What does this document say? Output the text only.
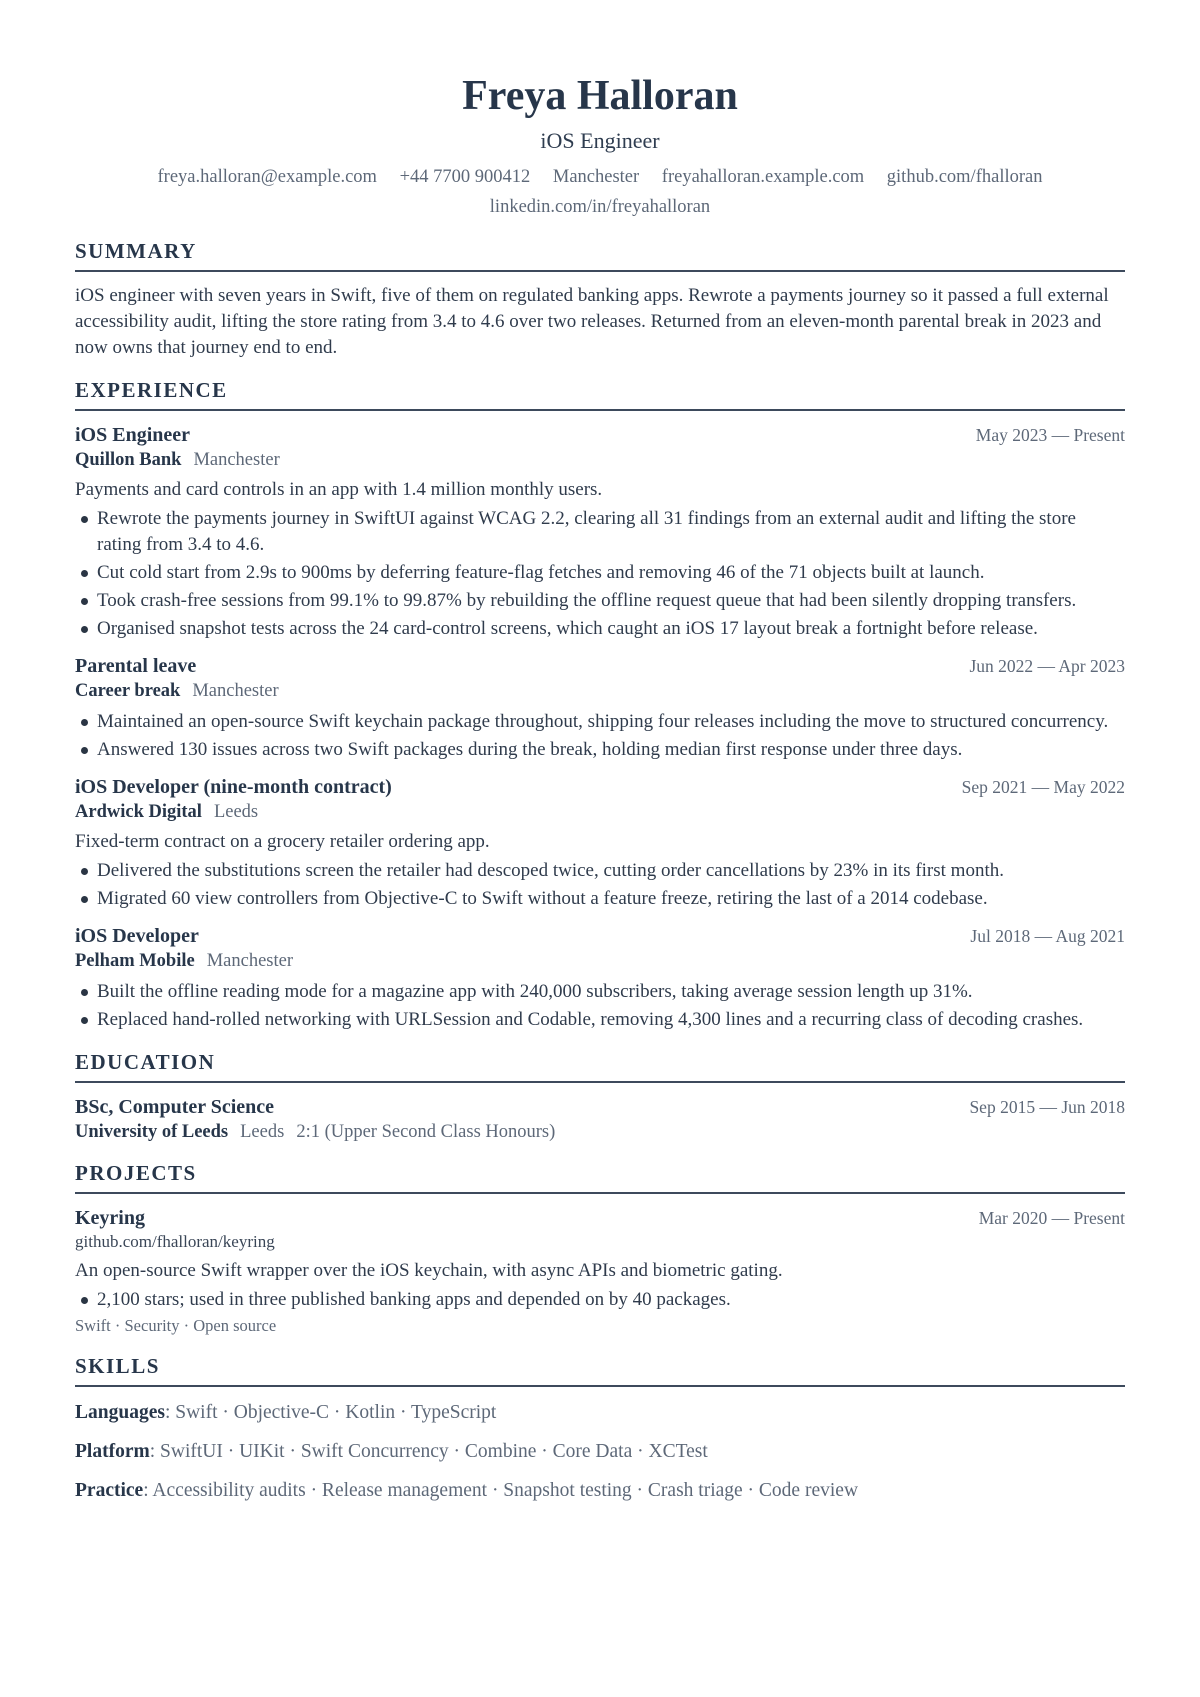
Freya Halloran
iOS Engineer
freya.halloran@example.com +44 7700 900412 Manchester freyahalloran.example.com github.com/fhalloran linkedin.com/in/freyahalloran
SUMMARY
iOS engineer with seven years in Swift, five of them on regulated banking apps. Rewrote a payments journey so it passed a full external accessibility audit, lifting the store rating from 3.4 to 4.6 over two releases. Returned from an eleven-month parental break in 2023 and now owns that journey end to end.
EXPERIENCE
iOS Engineer	May 2023 — Present
Quillon Bank Manchester
Payments and card controls in an app with 1.4 million monthly users.
Rewrote the payments journey in SwiftUI against WCAG 2.2, clearing all 31 findings from an external audit and lifting the store rating from 3.4 to 4.6.
Cut cold start from 2.9s to 900ms by deferring feature-flag fetches and removing 46 of the 71 objects built at launch.
Took crash-free sessions from 99.1% to 99.87% by rebuilding the offline request queue that had been silently dropping transfers.
Organised snapshot tests across the 24 card-control screens, which caught an iOS 17 layout break a fortnight before release.
Parental leave	Jun 2022 — Apr 2023
Career break Manchester
Maintained an open-source Swift keychain package throughout, shipping four releases including the move to structured concurrency.
Answered 130 issues across two Swift packages during the break, holding median first response under three days.
iOS Developer (nine-month contract)	Sep 2021 — May 2022
Ardwick Digital Leeds
Fixed-term contract on a grocery retailer ordering app.
Delivered the substitutions screen the retailer had descoped twice, cutting order cancellations by 23% in its first month.
Migrated 60 view controllers from Objective-C to Swift without a feature freeze, retiring the last of a 2014 codebase.
iOS Developer	Jul 2018 — Aug 2021
Pelham Mobile Manchester
Built the offline reading mode for a magazine app with 240,000 subscribers, taking average session length up 31%.
Replaced hand-rolled networking with URLSession and Codable, removing 4,300 lines and a recurring class of decoding crashes.
EDUCATION
BSc, Computer Science	Sep 2015 — Jun 2018
University of Leeds Leeds 2:1 (Upper Second Class Honours)
PROJECTS
Keyring	Mar 2020 — Present
github.com/fhalloran/keyring
An open-source Swift wrapper over the iOS keychain, with async APIs and biometric gating.
2,100 stars; used in three published banking apps and depended on by 40 packages.
Swift · Security · Open source
SKILLS
Languages: Swift · Objective-C · Kotlin · TypeScript
Platform: SwiftUI · UIKit · Swift Concurrency · Combine · Core Data · XCTest
Practice: Accessibility audits · Release management · Snapshot testing · Crash triage · Code review
